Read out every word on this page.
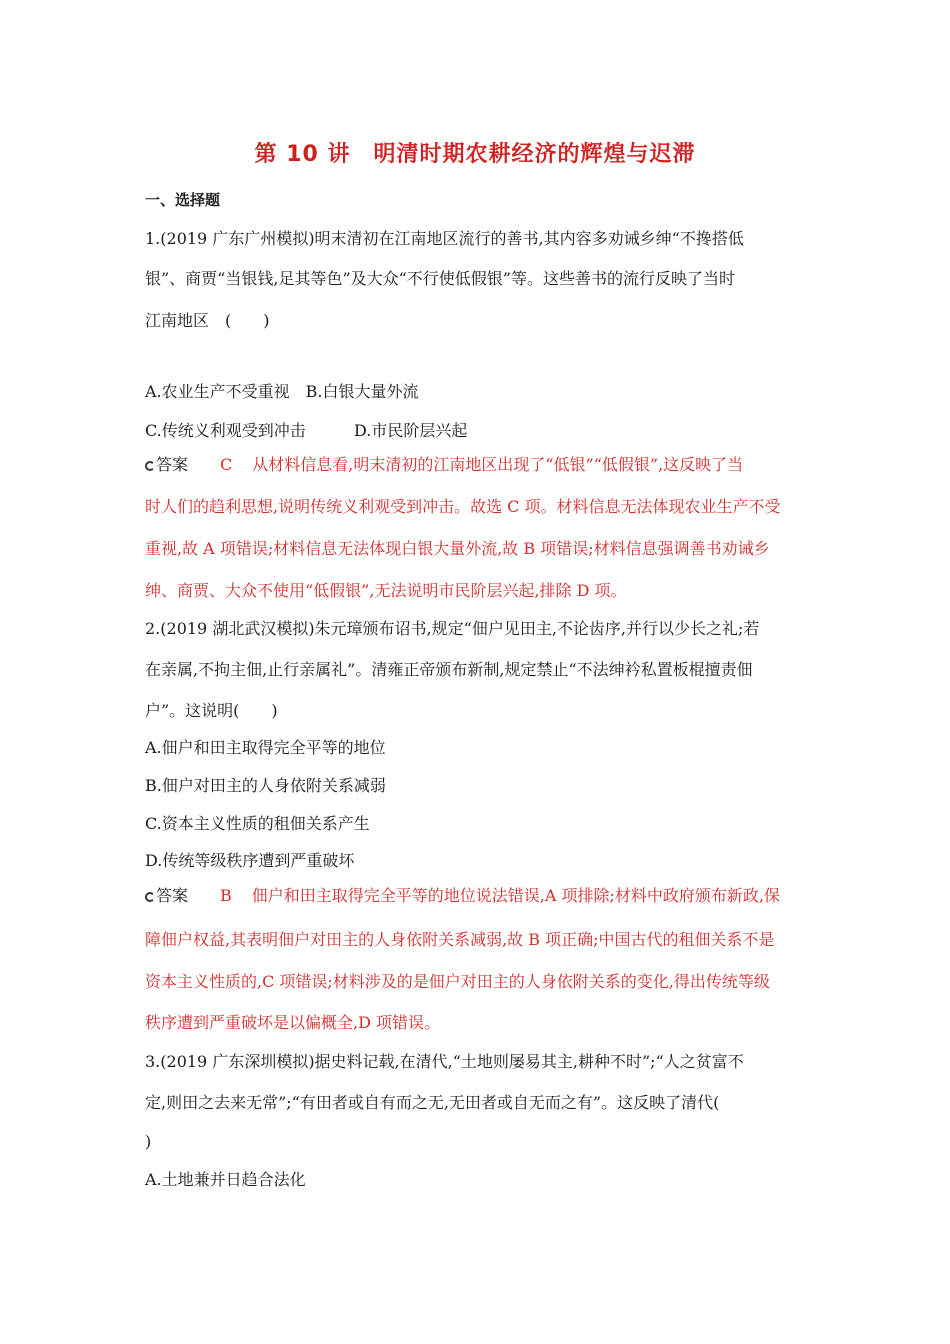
第 10 讲　明清时期农耕经济的辉煌与迟滞
一、选择题
1.(2019 广东广州模拟)明末清初在江南地区流行的善书,其内容多劝诫乡绅“不搀搭低
银”、商贾“当银钱,足其等色”及大众“不行使低假银”等。这些善书的流行反映了当时
江南地区　(　　)
A.农业生产不受重视　B.白银大量外流
C.传统义利观受到冲击	D.市民阶层兴起
答案 C 从材料信息看,明末清初的江南地区出现了“低银”“低假银”,这反映了当
时人们的趋利思想,说明传统义利观受到冲击。故选 C 项。材料信息无法体现农业生产不受
重视,故 A 项错误;材料信息无法体现白银大量外流,故 B 项错误;材料信息强调善书劝诫乡
绅、商贾、大众不使用“低假银”,无法说明市民阶层兴起,排除 D 项。
2.(2019 湖北武汉模拟)朱元璋颁布诏书,规定“佃户见田主,不论齿序,并行以少长之礼;若
在亲属,不拘主佃,止行亲属礼”。清雍正帝颁布新制,规定禁止“不法绅衿私置板棍擅责佃
户”。这说明(　　)
A.佃户和田主取得完全平等的地位
B.佃户对田主的人身依附关系减弱
C.资本主义性质的租佃关系产生
D.传统等级秩序遭到严重破坏
答案 B 佃户和田主取得完全平等的地位说法错误,A 项排除;材料中政府颁布新政,保
障佃户权益,其表明佃户对田主的人身依附关系减弱,故 B 项正确;中国古代的租佃关系不是
资本主义性质的,C 项错误;材料涉及的是佃户对田主的人身依附关系的变化,得出传统等级
秩序遭到严重破坏是以偏概全,D 项错误。
3.(2019 广东深圳模拟)据史料记载,在清代,“土地则屡易其主,耕种不时”;“人之贫富不
定,则田之去来无常”;“有田者或自有而之无,无田者或自无而之有”。这反映了清代(
)
A.土地兼并日趋合法化
